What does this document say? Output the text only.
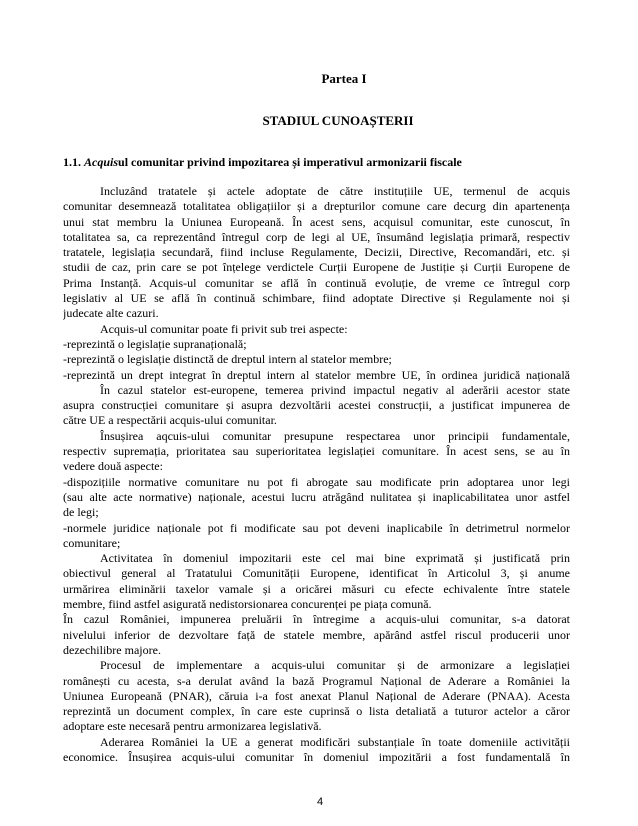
Partea I
STADIUL CUNOAȘTERII
1.1. Acquisul comunitar privind impozitarea și imperativul armonizarii fiscale
Incluzând tratatele și actele adoptate de către instituțiile UE, termenul de acquis
comunitar desemnează totalitatea obligațiilor și a drepturilor comune care decurg din apartenența
unui stat membru la Uniunea Europeană. În acest sens, acquisul comunitar, este cunoscut, în
totalitatea sa, ca reprezentând întregul corp de legi al UE, însumând legislația primară, respectiv
tratatele, legislația secundară, fiind incluse Regulamente, Decizii, Directive, Recomandări, etc. și
studii de caz, prin care se pot înțelege verdictele Curții Europene de Justiție și Curții Europene de
Prima Instanță. Acquis-ul comunitar se află în continuă evoluție, de vreme ce întregul corp
legislativ al UE se află în continuă schimbare, fiind adoptate Directive și Regulamente noi și
judecate alte cazuri.
Acquis-ul comunitar poate fi privit sub trei aspecte:
-reprezintă o legislație supranațională;
-reprezintă o legislație distinctă de dreptul intern al statelor membre;
-reprezintă un drept integrat în dreptul intern al statelor membre UE, în ordinea juridică națională
În cazul statelor est-europene, temerea privind impactul negativ al aderării acestor state
asupra construcției comunitare și asupra dezvoltării acestei construcții, a justificat impunerea de
către UE a respectării acquis-ului comunitar.
Însușirea aqcuis-ului comunitar presupune respectarea unor principii fundamentale,
respectiv supremația, prioritatea sau superioritatea legislației comunitare. În acest sens, se au în
vedere două aspecte:
-dispozițiile normative comunitare nu pot fi abrogate sau modificate prin adoptarea unor legi
(sau alte acte normative) naționale, acestui lucru atrăgând nulitatea și inaplicabilitatea unor astfel
de legi;
-normele juridice naționale pot fi modificate sau pot deveni inaplicabile în detrimetrul normelor
comunitare;
Activitatea în domeniul impozitarii este cel mai bine exprimată și justificată prin
obiectivul general al Tratatului Comunității Europene, identificat în Articolul 3, și anume
urmărirea eliminării taxelor vamale și a oricărei măsuri cu efecte echivalente între statele
membre, fiind astfel asigurată nedistorsionarea concurenței pe piața comună.
În cazul României, impunerea preluării în întregime a acquis-ului comunitar, s-a datorat
nivelului inferior de dezvoltare față de statele membre, apărând astfel riscul producerii unor
dezechilibre majore.
Procesul de implementare a acquis-ului comunitar și de armonizare a legislației
românești cu acesta, s-a derulat având la bază Programul Național de Aderare a României la
Uniunea Europeană (PNAR), căruia i-a fost anexat Planul Național de Aderare (PNAA). Acesta
reprezintă un document complex, în care este cuprinsă o lista detaliată a tuturor actelor a căror
adoptare este necesară pentru armonizarea legislativă.
Aderarea României la UE a generat modificări substanțiale în toate domeniile activității
economice. Însușirea acquis-ului comunitar în domeniul impozitării a fost fundamentală în
4
